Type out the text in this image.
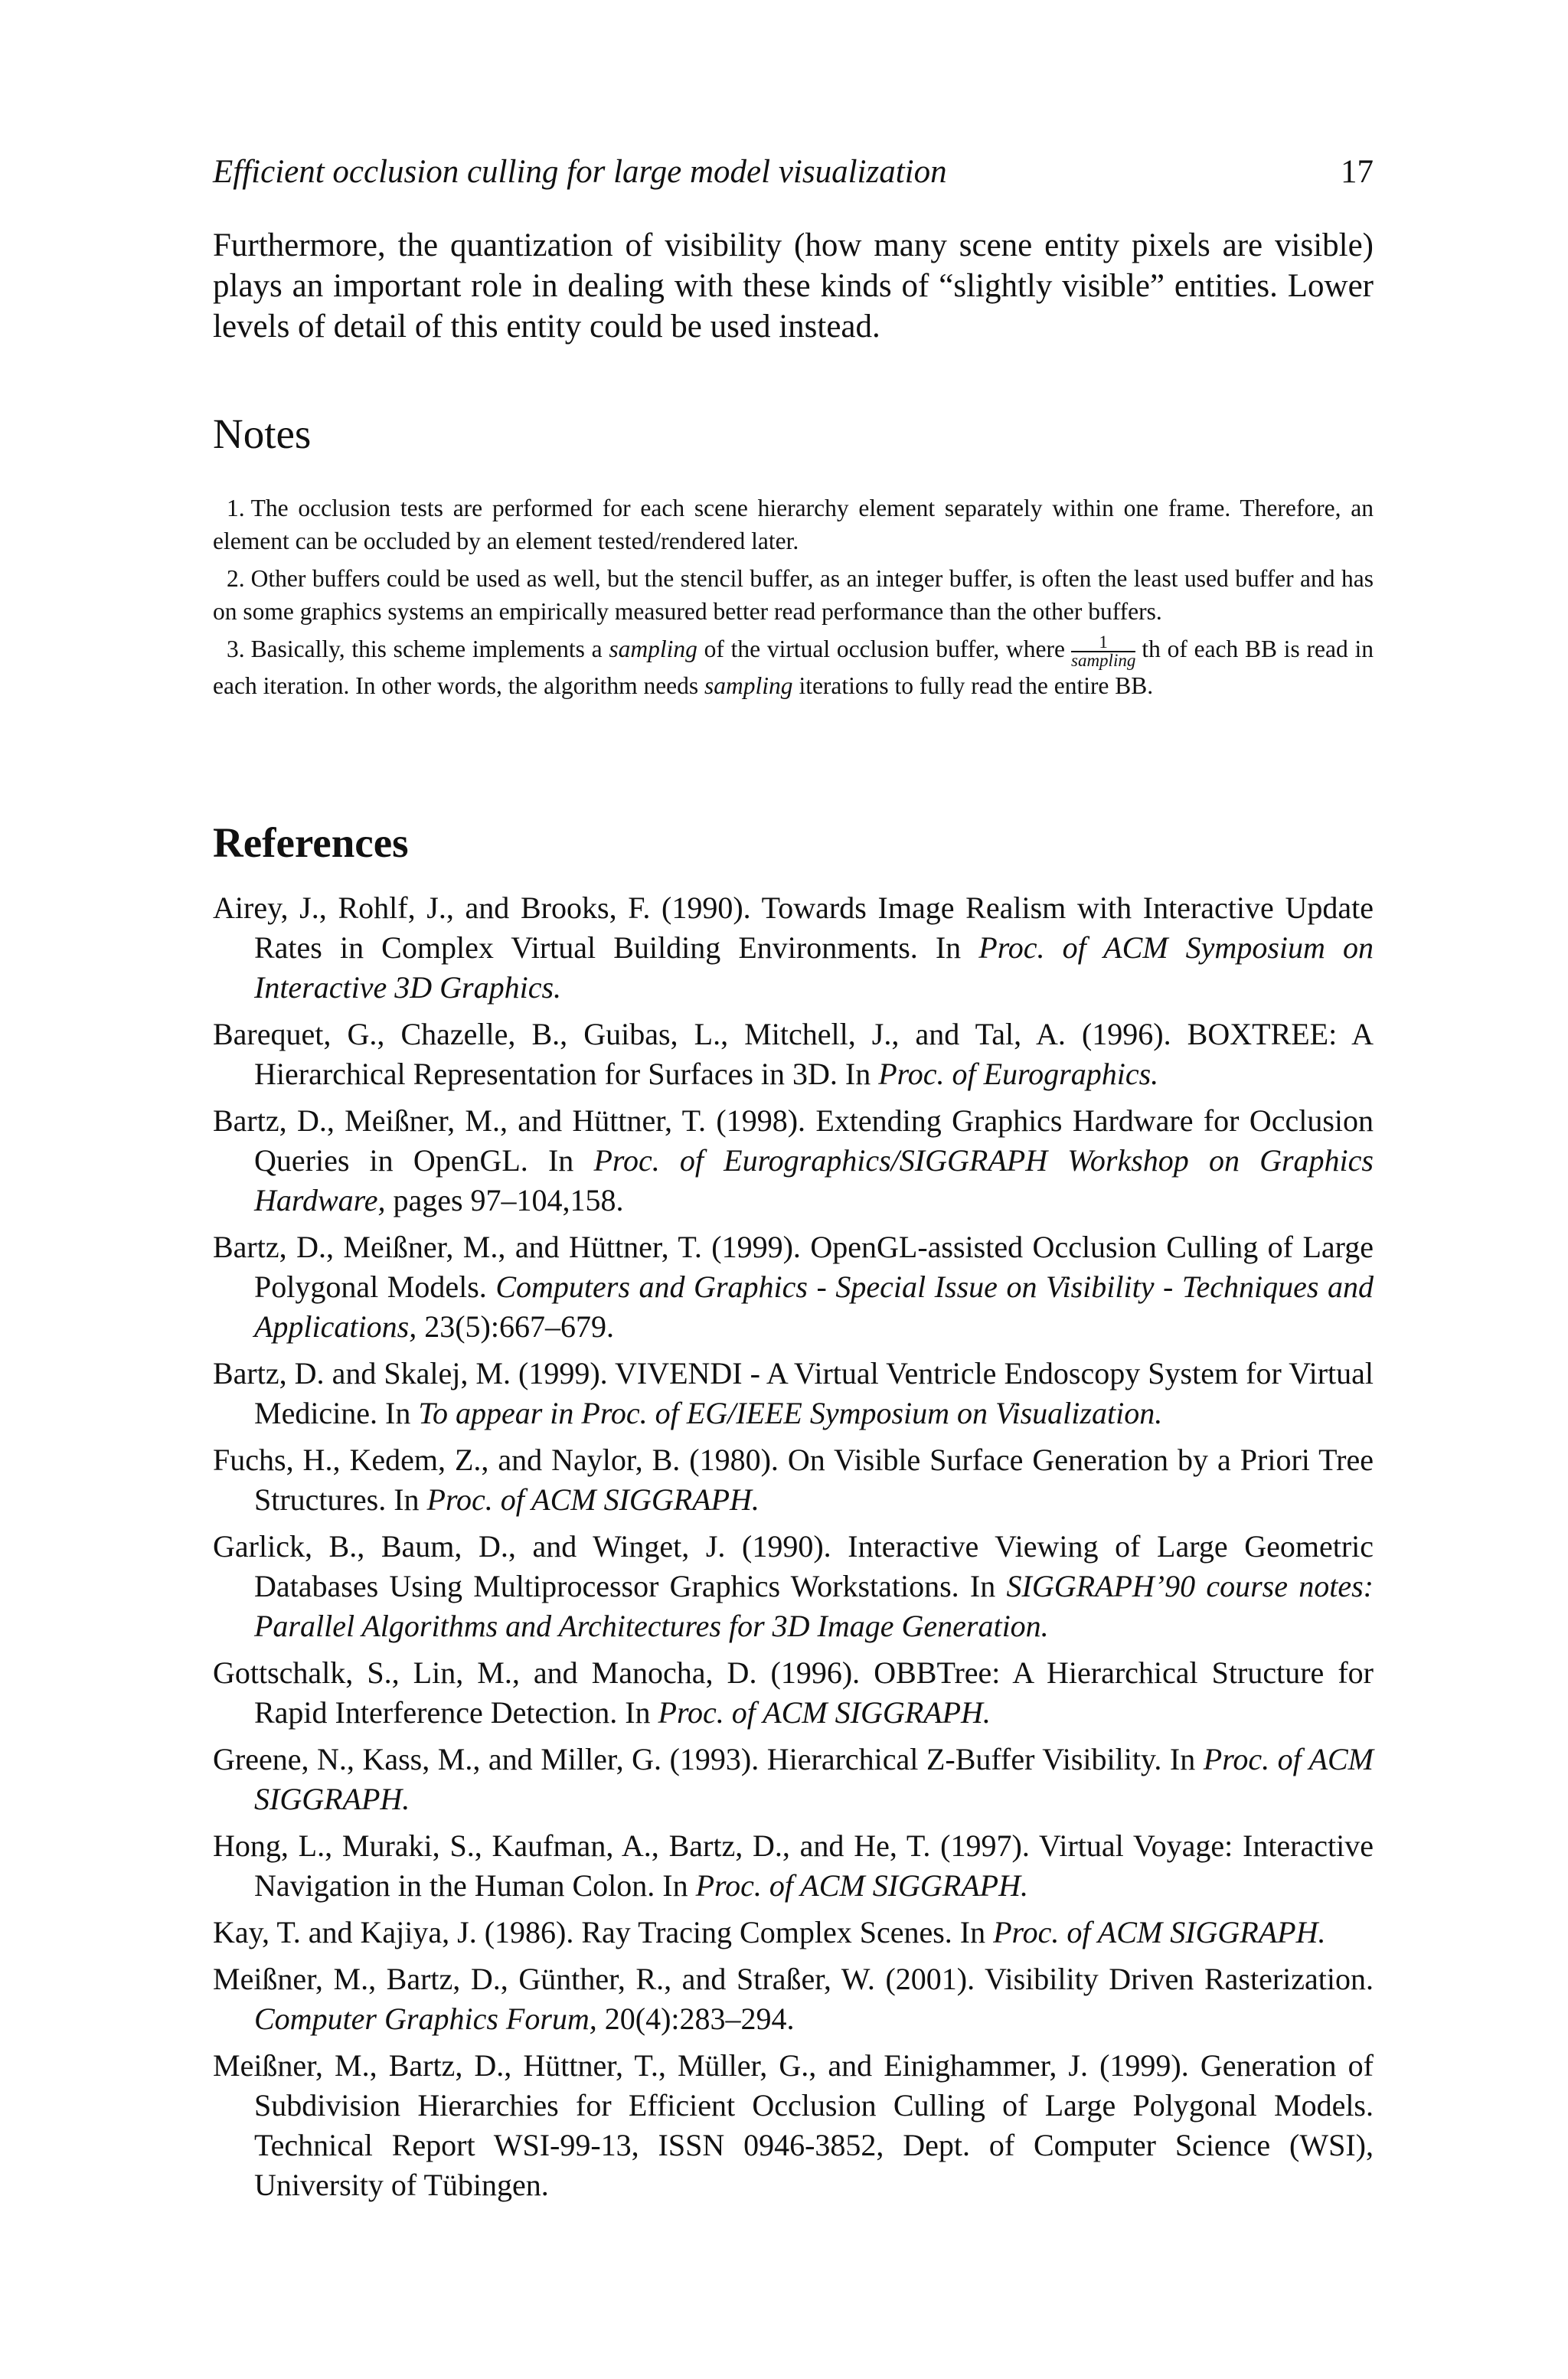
Efficient occlusion culling for large model visualization	17

Furthermore, the quantization of visibility (how many scene entity pixels are visible) plays an important role in dealing with these kinds of “slightly visible” entities. Lower levels of detail of this entity could be used instead.

Notes

1. The occlusion tests are performed for each scene hierarchy element separately within one frame. Therefore, an element can be occluded by an element tested/rendered later.

2. Other buffers could be used as well, but the stencil buffer, as an integer buffer, is often the least used buffer and has on some graphics systems an empirically measured better read performance than the other buffers.

3. Basically, this scheme implements a sampling of the virtual occlusion buffer, where $\frac{1}{\text{sampling}}$ th of each BB is read in each iteration. In other words, the algorithm needs sampling iterations to fully read the entire BB.

References

Airey, J., Rohlf, J., and Brooks, F. (1990). Towards Image Realism with Interactive Update Rates in Complex Virtual Building Environments. In Proc. of ACM Symposium on Interactive 3D Graphics.

Barequet, G., Chazelle, B., Guibas, L., Mitchell, J., and Tal, A. (1996). BOXTREE: A Hierarchical Representation for Surfaces in 3D. In Proc. of Eurographics.

Bartz, D., Meißner, M., and Hüttner, T. (1998). Extending Graphics Hardware for Occlusion Queries in OpenGL. In Proc. of Eurographics/SIGGRAPH Workshop on Graphics Hardware, pages 97–104,158.

Bartz, D., Meißner, M., and Hüttner, T. (1999). OpenGL-assisted Occlusion Culling of Large Polygonal Models. Computers and Graphics - Special Issue on Visibility - Techniques and Applications, 23(5):667–679.

Bartz, D. and Skalej, M. (1999). VIVENDI - A Virtual Ventricle Endoscopy System for Virtual Medicine. In To appear in Proc. of EG/IEEE Symposium on Visualization.

Fuchs, H., Kedem, Z., and Naylor, B. (1980). On Visible Surface Generation by a Priori Tree Structures. In Proc. of ACM SIGGRAPH.

Garlick, B., Baum, D., and Winget, J. (1990). Interactive Viewing of Large Geometric Databases Using Multiprocessor Graphics Workstations. In SIGGRAPH’90 course notes: Parallel Algorithms and Architectures for 3D Image Generation.

Gottschalk, S., Lin, M., and Manocha, D. (1996). OBBTree: A Hierarchical Structure for Rapid Interference Detection. In Proc. of ACM SIGGRAPH.

Greene, N., Kass, M., and Miller, G. (1993). Hierarchical Z-Buffer Visibility. In Proc. of ACM SIGGRAPH.

Hong, L., Muraki, S., Kaufman, A., Bartz, D., and He, T. (1997). Virtual Voyage: Interactive Navigation in the Human Colon. In Proc. of ACM SIGGRAPH.

Kay, T. and Kajiya, J. (1986). Ray Tracing Complex Scenes. In Proc. of ACM SIGGRAPH.

Meißner, M., Bartz, D., Günther, R., and Straßer, W. (2001). Visibility Driven Rasterization. Computer Graphics Forum, 20(4):283–294.

Meißner, M., Bartz, D., Hüttner, T., Müller, G., and Einighammer, J. (1999). Generation of Subdivision Hierarchies for Efficient Occlusion Culling of Large Polygonal Models. Technical Report WSI-99-13, ISSN 0946-3852, Dept. of Computer Science (WSI), University of Tübingen.
